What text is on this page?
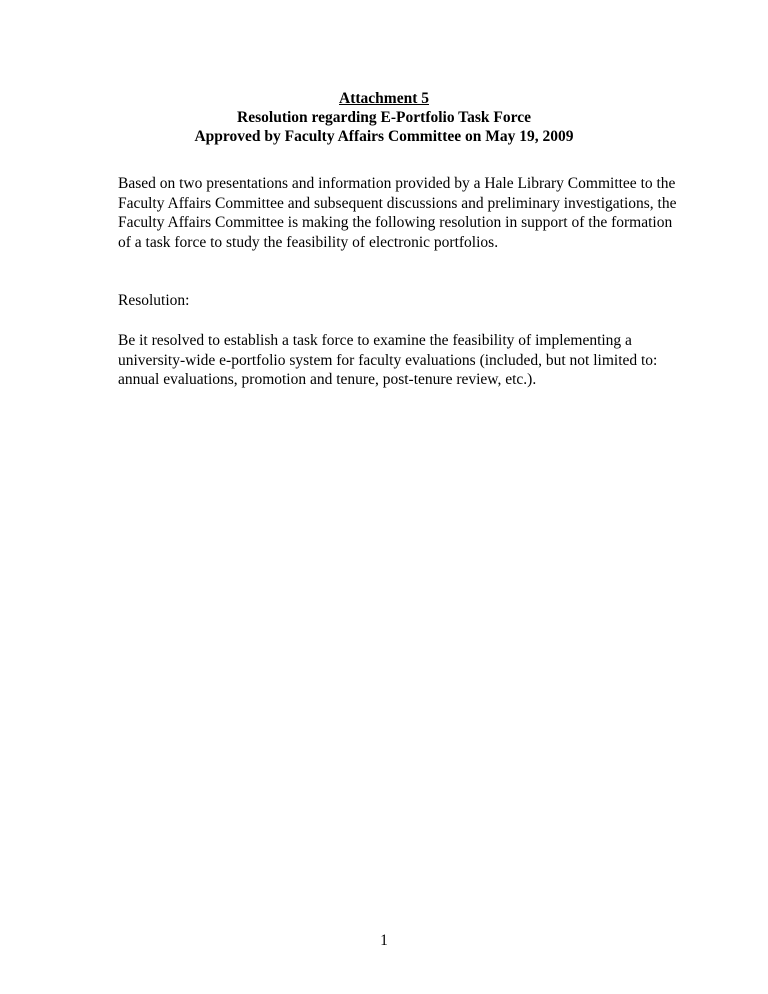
Attachment 5
Resolution regarding E-Portfolio Task Force
Approved by Faculty Affairs Committee on May 19, 2009

Based on two presentations and information provided by a Hale Library Committee to the Faculty Affairs Committee and subsequent discussions and preliminary investigations, the Faculty Affairs Committee is making the following resolution in support of the formation of a task force to study the feasibility of electronic portfolios.

Resolution:

Be it resolved to establish a task force to examine the feasibility of implementing a university-wide e-portfolio system for faculty evaluations (included, but not limited to: annual evaluations, promotion and tenure, post-tenure review, etc.).

1
